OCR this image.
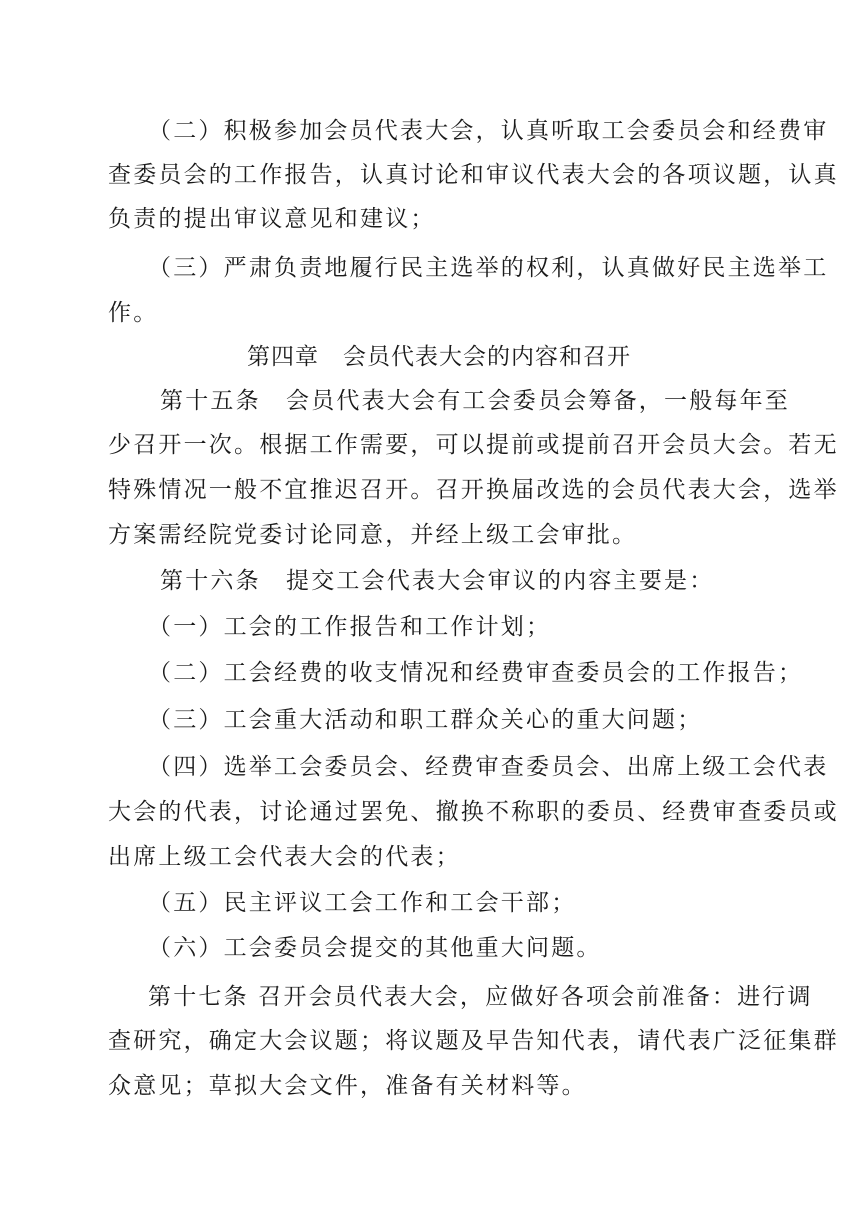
（二）积极参加会员代表大会，认真听取工会委员会和经费审
查委员会的工作报告，认真讨论和审议代表大会的各项议题，认真
负责的提出审议意见和建议；
（三）严肃负责地履行民主选举的权利，认真做好民主选举工
作。
第四章　会员代表大会的内容和召开
第十五条　会员代表大会有工会委员会筹备，一般每年至
少召开一次。根据工作需要，可以提前或提前召开会员大会。若无
特殊情况一般不宜推迟召开。召开换届改选的会员代表大会，选举
方案需经院党委讨论同意，并经上级工会审批。
第十六条　提交工会代表大会审议的内容主要是：
（一）工会的工作报告和工作计划；
（二）工会经费的收支情况和经费审查委员会的工作报告；
（三）工会重大活动和职工群众关心的重大问题；
（四）选举工会委员会、经费审查委员会、出席上级工会代表
大会的代表，讨论通过罢免、撤换不称职的委员、经费审查委员或
出席上级工会代表大会的代表；
（五）民主评议工会工作和工会干部；
（六）工会委员会提交的其他重大问题。
第十七条 召开会员代表大会，应做好各项会前准备：进行调
查研究，确定大会议题；将议题及早告知代表，请代表广泛征集群
众意见；草拟大会文件，准备有关材料等。
